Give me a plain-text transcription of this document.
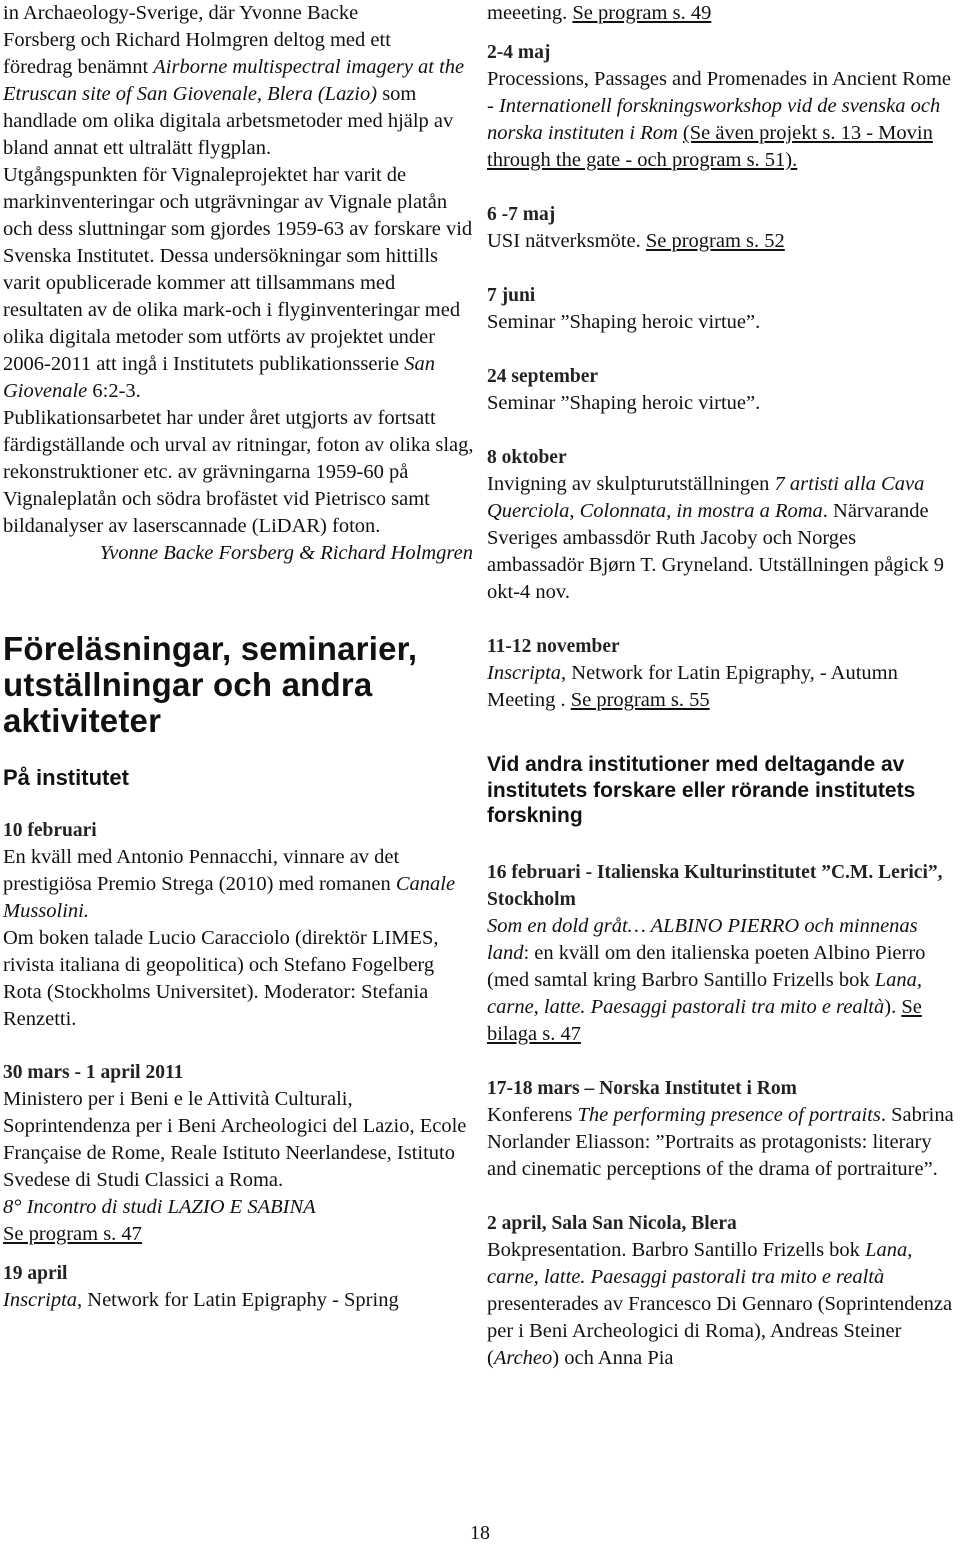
in Archaeology-Sverige, där Yvonne Backe
Forsberg och Richard Holmgren deltog med ett
föredrag benämnt Airborne multispectral imagery at the Etruscan site of San Giovenale, Blera (Lazio) som handlade om olika digitala arbetsmetoder med hjälp av bland annat ett ultralätt flygplan.

Utgångspunkten för Vignaleprojektet har varit de markinventeringar och utgrävningar av Vignale platån och dess sluttningar som gjordes 1959-63 av forskare vid Svenska Institutet. Dessa undersökningar som hittills varit opublicerade kommer att tillsammans med resultaten av de olika mark-och i flyginventeringar med olika digitala metoder som utförts av projektet under 2006-2011 att ingå i Institutets publikationsserie San Giovenale 6:2-3.

Publikationsarbetet har under året utgjorts av fortsatt färdigställande och urval av ritningar, foton av olika slag, rekonstruktioner etc. av grävningarna 1959-60 på Vignaleplatån och södra brofästet vid Pietrisco samt bildanalyser av laserscannade (LiDAR) foton.

Yvonne Backe Forsberg & Richard Holmgren

Föreläsningar, seminarier, utställningar och andra aktiviteter
På institutet

10 februari
En kväll med Antonio Pennacchi, vinnare av det prestigiösa Premio Strega (2010) med romanen Canale Mussolini.
Om boken talade Lucio Caracciolo (direktör LIMES, rivista italiana di geopolitica) och Stefano Fogelberg Rota (Stockholms Universitet). Moderator: Stefania Renzetti.

30 mars - 1 april 2011
Ministero per i Beni e le Attività Culturali, Soprintendenza per i Beni Archeologici del Lazio, Ecole Française de Rome, Reale Istituto Neerlandese, Istituto Svedese di Studi Classici a Roma.
8° Incontro di studi LAZIO E SABINA
Se program s. 47

19 april
Inscripta, Network for Latin Epigraphy - Spring

meeeting. Se program s. 49

2-4 maj
Processions, Passages and Promenades in Ancient Rome - Internationell forskningsworkshop vid de svenska och norska instituten i Rom (Se även projekt s. 13 - Movin through the gate - och program s. 51).

6 -7 maj
USI nätverksmöte. Se program s. 52

7 juni
Seminar ”Shaping heroic virtue”.

24 september
Seminar ”Shaping heroic virtue”.

8 oktober
Invigning av skulpturutställningen 7 artisti alla Cava Querciola, Colonnata, in mostra a Roma. Närvarande Sveriges ambassdör Ruth Jacoby och Norges ambassadör Bjørn T. Gryneland. Utställningen pågick 9 okt-4 nov.

11-12 november
Inscripta, Network for Latin Epigraphy, - Autumn Meeting . Se program s. 55

Vid andra institutioner med deltagande av institutets forskare eller rörande institutets forskning

16 februari - Italienska Kulturinstitutet ”C.M. Lerici”, Stockholm
Som en dold gråt… ALBINO PIERRO och minnenas land: en kväll om den italienska poeten Albino Pierro (med samtal kring Barbro Santillo Frizells bok Lana, carne, latte. Paesaggi pastorali tra mito e realtà). Se bilaga s. 47

17-18 mars – Norska Institutet i Rom
Konferens The performing presence of portraits. Sabrina Norlander Eliasson: ”Portraits as protagonists: literary and cinematic perceptions of the drama of portraiture”.

2 april, Sala San Nicola, Blera
Bokpresentation. Barbro Santillo Frizells bok Lana, carne, latte. Paesaggi pastorali tra mito e realtà presenterades av Francesco Di Gennaro (Soprintendenza per i Beni Archeologici di Roma), Andreas Steiner (Archeo) och Anna Pia

18
